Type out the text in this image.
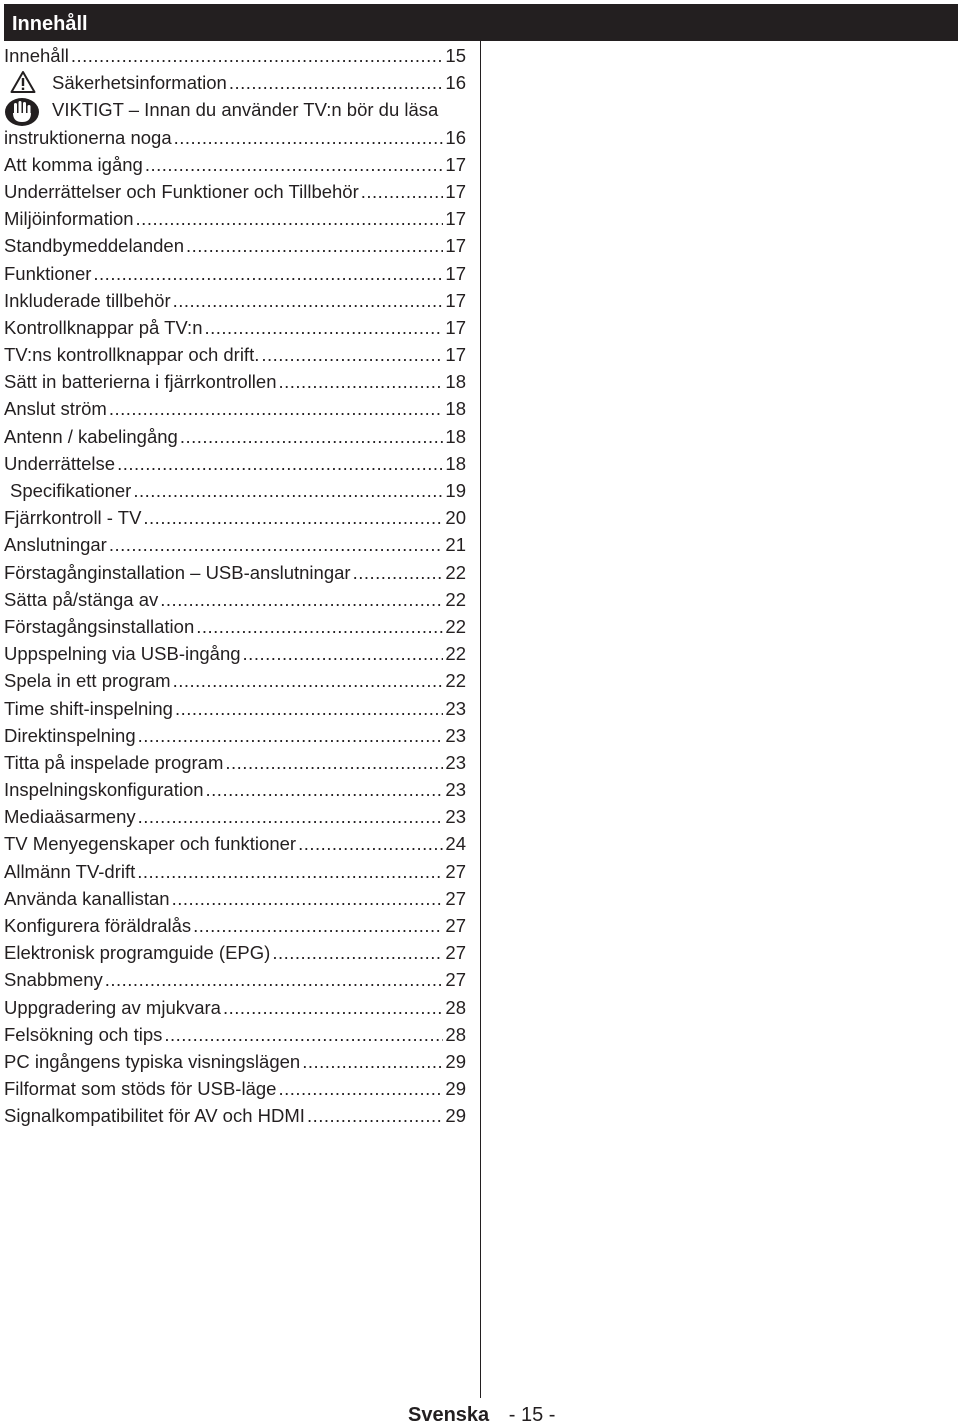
Innehåll
Innehåll .....	15
Säkerhetsinformation .....	16
VIKTIGT – Innan du använder TV:n bör du läsa
instruktionerna noga .....	16
Att komma igång .....	17
Underrättelser och Funktioner och Tillbehör .....	17
Miljöinformation .....	17
Standbymeddelanden .....	17
Funktioner .....	17
Inkluderade tillbehör .....	17
Kontrollknappar på TV:n .....	17
TV:ns kontrollknappar och drift. .....	17
Sätt in batterierna i fjärrkontrollen .....	18
Anslut ström .....	18
Antenn / kabelingång .....	18
Underrättelse .....	18
Specifikationer .....	19
Fjärrkontroll - TV .....	20
Anslutningar .....	21
Förstagånginstallation – USB-anslutningar .....	22
Sätta på/stänga av .....	22
Förstagångsinstallation .....	22
Uppspelning via USB-ingång .....	22
Spela in ett program .....	22
Time shift-inspelning .....	23
Direktinspelning .....	23
Titta på inspelade program .....	23
Inspelningskonfiguration .....	23
Mediaäsarmeny .....	23
TV Menyegenskaper och funktioner .....	24
Allmänn TV-drift .....	27
Använda kanallistan .....	27
Konfigurera föräldralås .....	27
Elektronisk programguide (EPG) .....	27
Snabbmeny .....	27
Uppgradering av mjukvara .....	28
Felsökning och tips .....	28
PC ingångens typiska visningslägen .....	29
Filformat som stöds för USB-läge .....	29
Signalkompatibilitet för AV och HDMI .....	29
Svenska - 15 -
